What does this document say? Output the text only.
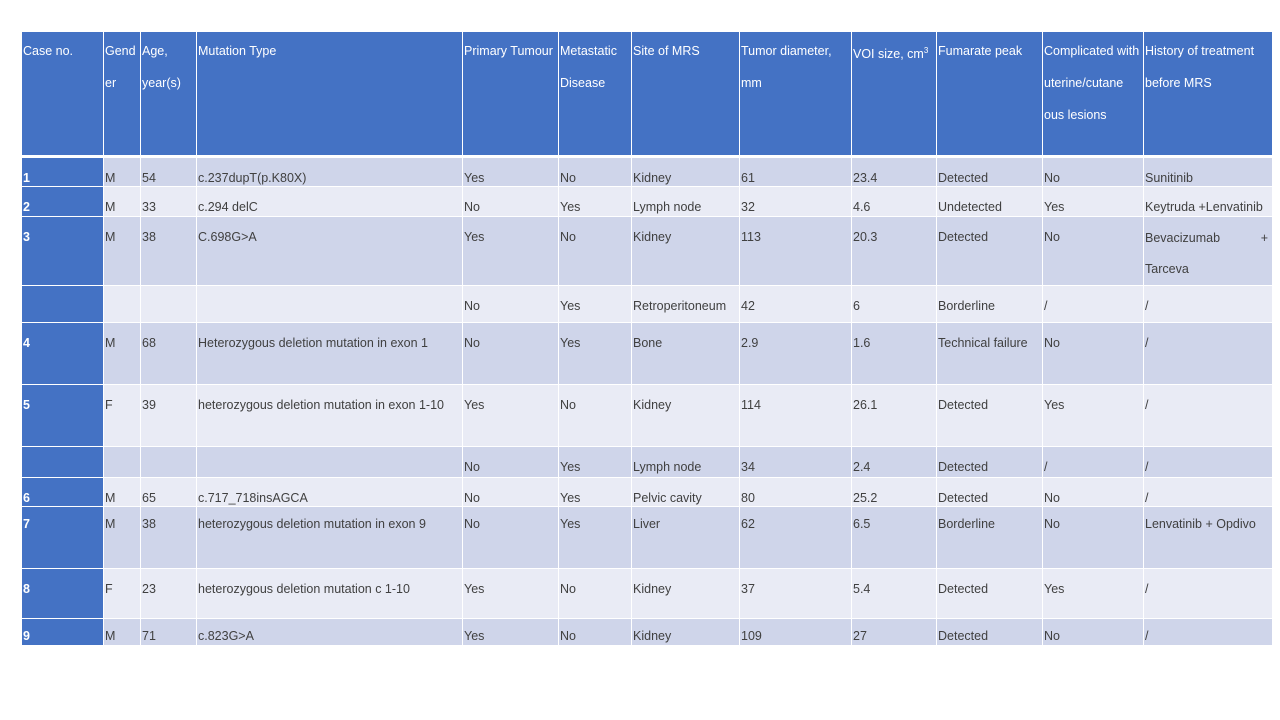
Case no.	Gend er	Age, year(s)	Mutation Type	Primary Tumour	Metastatic Disease	Site of MRS	Tumor diameter, mm	VOI size, $cm^3$	Fumarate peak	Complicated with uterine/cutane ous lesions	History of treatment before MRS
1	M	54	c.237dupT(p.K80X)	Yes	No	Kidney	61	23.4	Detected	No	Sunitinib
2	M	33	c.294 delC	No	Yes	Lymph node	32	4.6	Undetected	Yes	Keytruda +Lenvatinib
3	M	38	C.698G>A	Yes	No	Kidney	113	20.3	Detected	No	Bevacizumab +
Tarceva

				No	Yes	Retroperitoneum	42	6	Borderline	/	/
4	M	68	Heterozygous deletion mutation in exon 1	No	Yes	Bone	2.9	1.6	Technical failure	No	/
5	F	39	heterozygous deletion mutation in exon 1-10	Yes	No	Kidney	114	26.1	Detected	Yes	/
				No	Yes	Lymph node	34	2.4	Detected	/	/
6	M	65	c.717_718insAGCA	No	Yes	Pelvic cavity	80	25.2	Detected	No	/
7	M	38	heterozygous deletion mutation in exon 9	No	Yes	Liver	62	6.5	Borderline	No	Lenvatinib + Opdivo
8	F	23	heterozygous deletion mutation c 1-10	Yes	No	Kidney	37	5.4	Detected	Yes	/
9	M	71	c.823G>A	Yes	No	Kidney	109	27	Detected	No	/
